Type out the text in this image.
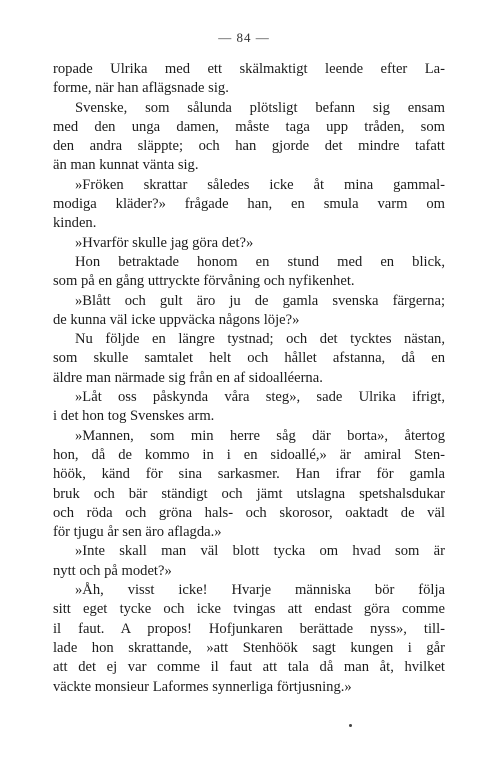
— 84 —
ropade Ulrika med ett skälmaktigt leende efter La-
forme, när han aflägsnade sig.
Svenske, som sålunda plötsligt befann sig ensam
med den unga damen, måste taga upp tråden, som
den andra släppte; och han gjorde det mindre tafatt
än man kunnat vänta sig.
»Fröken skrattar således icke åt mina gammal-
modiga kläder?» frågade han, en smula varm om
kinden.
»Hvarför skulle jag göra det?»
Hon betraktade honom en stund med en blick,
som på en gång uttryckte förvåning och nyfikenhet.
»Blått och gult äro ju de gamla svenska färgerna;
de kunna väl icke uppväcka någons löje?»
Nu följde en längre tystnad; och det tycktes nästan,
som skulle samtalet helt och hållet afstanna, då en
äldre man närmade sig från en af sidoalléerna.
»Låt oss påskynda våra steg», sade Ulrika ifrigt,
i det hon tog Svenskes arm.
»Mannen, som min herre såg där borta», återtog
hon, då de kommo in i en sidoallé,» är amiral Sten-
höök, känd för sina sarkasmer. Han ifrar för gamla
bruk och bär ständigt och jämt utslagna spetshalsdukar
och röda och gröna hals- och skorosor, oaktadt de väl
för tjugu år sen äro aflagda.»
»Inte skall man väl blott tycka om hvad som är
nytt och på modet?»
»Åh, visst icke! Hvarje människa bör följa
sitt eget tycke och icke tvingas att endast göra comme
il faut. A propos! Hofjunkaren berättade nyss», till-
lade hon skrattande, »att Stenhöök sagt kungen i går
att det ej var comme il faut att tala då man åt, hvilket
väckte monsieur Laformes synnerliga förtjusning.»
